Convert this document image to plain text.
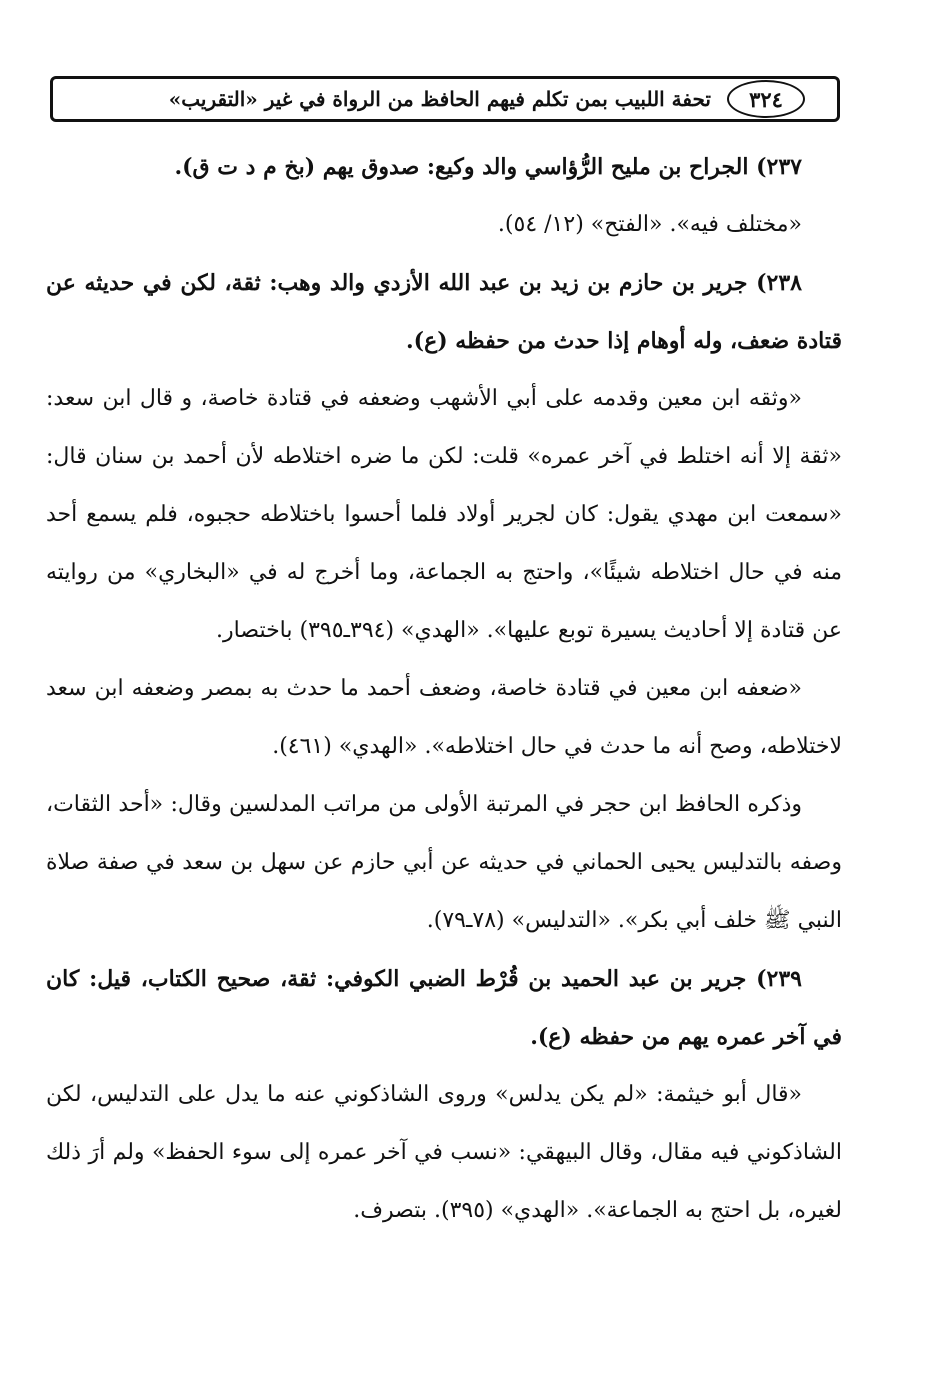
٣٢٤
تحفة اللبيب بمن تكلم فيهم الحافظ من الرواة في غير «التقريب»

٢٣٧) الجراح بن مليح الرُّؤاسي والد وكيع: صدوق يهم (بخ م د ت ق).

«مختلف فيه». «الفتح» (١٢/ ٥٤).

٢٣٨) جرير بن حازم بن زيد بن عبد الله الأزدي والد وهب: ثقة، لكن في حديثه عن قتادة ضعف، وله أوهام إذا حدث من حفظه (ع).

«وثقه ابن معين وقدمه على أبي الأشهب وضعفه في قتادة خاصة، و قال ابن سعد: «ثقة إلا أنه اختلط في آخر عمره» قلت: لكن ما ضره اختلاطه لأن أحمد بن سنان قال: «سمعت ابن مهدي يقول: كان لجرير أولاد فلما أحسوا باختلاطه حجبوه، فلم يسمع أحد منه في حال اختلاطه شيئًا»، واحتج به الجماعة، وما أخرج له في «البخاري» من روايته عن قتادة إلا أحاديث يسيرة توبع عليها». «الهدي» (٣٩٤ـ٣٩٥) باختصار.

«ضعفه ابن معين في قتادة خاصة، وضعف أحمد ما حدث به بمصر وضعفه ابن سعد لاختلاطه، وصح أنه ما حدث في حال اختلاطه». «الهدي» (٤٦١).

وذكره الحافظ ابن حجر في المرتبة الأولى من مراتب المدلسين وقال: «أحد الثقات، وصفه بالتدليس يحيى الحماني في حديثه عن أبي حازم عن سهل بن سعد في صفة صلاة النبي ﷺ خلف أبي بكر». «التدليس» (٧٨ـ٧٩).

٢٣٩) جرير بن عبد الحميد بن قُرْط الضبي الكوفي: ثقة، صحيح الكتاب، قيل: كان في آخر عمره يهم من حفظه (ع).

«قال أبو خيثمة: «لم يكن يدلس» وروى الشاذكوني عنه ما يدل على التدليس، لكن الشاذكوني فيه مقال، وقال البيهقي: «نسب في آخر عمره إلى سوء الحفظ» ولم أرَ ذلك لغيره، بل احتج به الجماعة». «الهدي» (٣٩٥). بتصرف.
